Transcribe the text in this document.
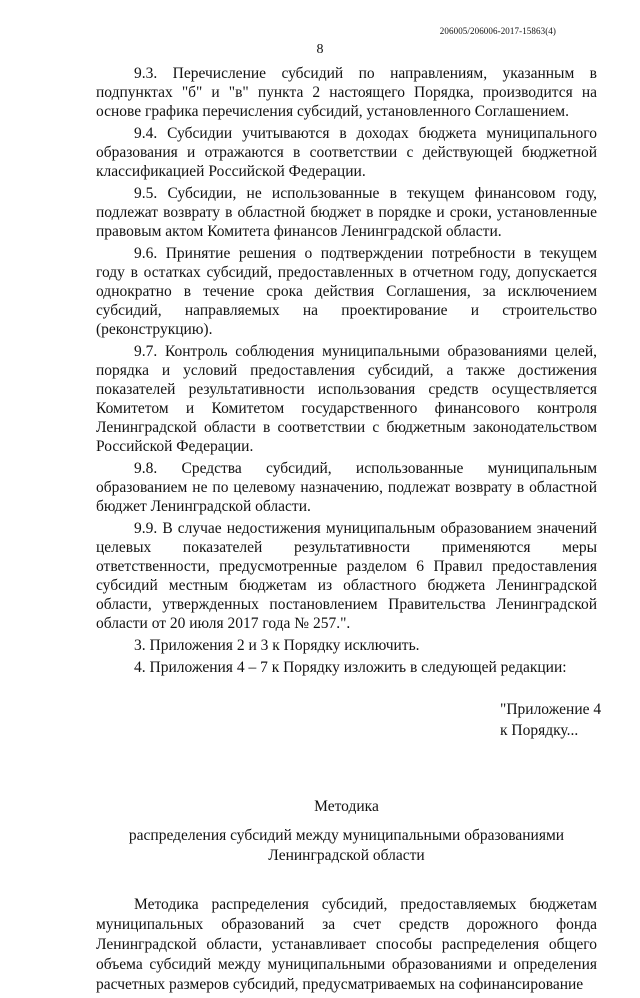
206005/206006-2017-15863(4)
8

9.3. Перечисление субсидий по направлениям, указанным в подпунктах "б" и "в" пункта 2 настоящего Порядка, производится на основе графика перечисления субсидий, установленного Соглашением.

9.4. Субсидии учитываются в доходах бюджета муниципального образования и отражаются в соответствии с действующей бюджетной классификацией Российской Федерации.

9.5. Субсидии, не использованные в текущем финансовом году, подлежат возврату в областной бюджет в порядке и сроки, установленные правовым актом Комитета финансов Ленинградской области.

9.6. Принятие решения о подтверждении потребности в текущем году в остатках субсидий, предоставленных в отчетном году, допускается однократно в течение срока действия Соглашения, за исключением субсидий, направляемых на проектирование и строительство (реконструкцию).

9.7. Контроль соблюдения муниципальными образованиями целей, порядка и условий предоставления субсидий, а также достижения показателей результативности использования средств осуществляется Комитетом и Комитетом государственного финансового контроля Ленинградской области в соответствии с бюджетным законодательством Российской Федерации.

9.8. Средства субсидий, использованные муниципальным образованием не по целевому назначению, подлежат возврату в областной бюджет Ленинградской области.

9.9. В случае недостижения муниципальным образованием значений целевых показателей результативности применяются меры ответственности, предусмотренные разделом 6 Правил предоставления субсидий местным бюджетам из областного бюджета Ленинградской области, утвержденных постановлением Правительства Ленинградской области от 20 июля 2017 года № 257.".

3. Приложения 2 и 3 к Порядку исключить.

4. Приложения 4 – 7 к Порядку изложить в следующей редакции:

"Приложение 4
к Порядку...
Методика
распределения субсидий между муниципальными образованиями
Ленинградской области

Методика распределения субсидий, предоставляемых бюджетам муниципальных образований за счет средств дорожного фонда Ленинградской области, устанавливает способы распределения общего объема субсидий между муниципальными образованиями и определения расчетных размеров субсидий, предусматриваемых на софинансирование
